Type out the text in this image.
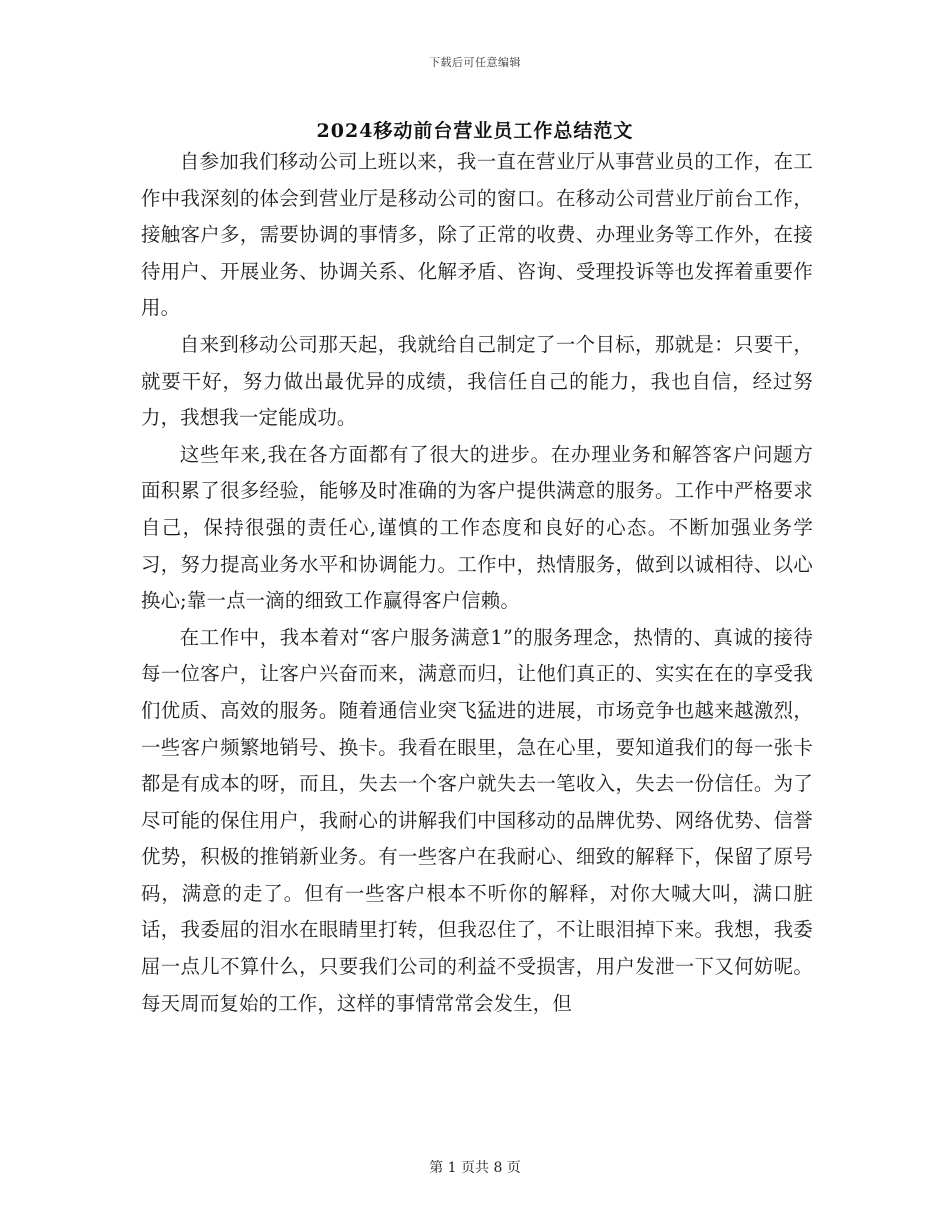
下载后可任意编辑
2024移动前台营业员工作总结范文

自参加我们移动公司上班以来，我一直在营业厅从事营业员的工作，在工作中我深刻的体会到营业厅是移动公司的窗口。在移动公司营业厅前台工作，接触客户多，需要协调的事情多，除了正常的收费、办理业务等工作外，在接待用户、开展业务、协调关系、化解矛盾、咨询、受理投诉等也发挥着重要作用。

自来到移动公司那天起，我就给自己制定了一个目标，那就是：只要干，就要干好，努力做出最优异的成绩，我信任自己的能力，我也自信，经过努力，我想我一定能成功。

这些年来,我在各方面都有了很大的进步。在办理业务和解答客户问题方面积累了很多经验，能够及时准确的为客户提供满意的服务。工作中严格要求自己，保持很强的责任心,谨慎的工作态度和良好的心态。不断加强业务学习，努力提高业务水平和协调能力。工作中，热情服务，做到以诚相待、以心换心;靠一点一滴的细致工作赢得客户信赖。

在工作中，我本着对“客户服务满意1”的服务理念，热情的、真诚的接待每一位客户，让客户兴奋而来，满意而归，让他们真正的、实实在在的享受我们优质、高效的服务。随着通信业突飞猛进的进展，市场竞争也越来越激烈，一些客户频繁地销号、换卡。我看在眼里，急在心里，要知道我们的每一张卡都是有成本的呀，而且，失去一个客户就失去一笔收入，失去一份信任。为了尽可能的保住用户，我耐心的讲解我们中国移动的品牌优势、网络优势、信誉优势，积极的推销新业务。有一些客户在我耐心、细致的解释下，保留了原号码，满意的走了。但有一些客户根本不听你的解释，对你大喊大叫，满口脏话，我委屈的泪水在眼睛里打转，但我忍住了，不让眼泪掉下来。我想，我委屈一点儿不算什么，只要我们公司的利益不受损害，用户发泄一下又何妨呢。每天周而复始的工作，这样的事情常常会发生，但

第 1 页共 8 页
